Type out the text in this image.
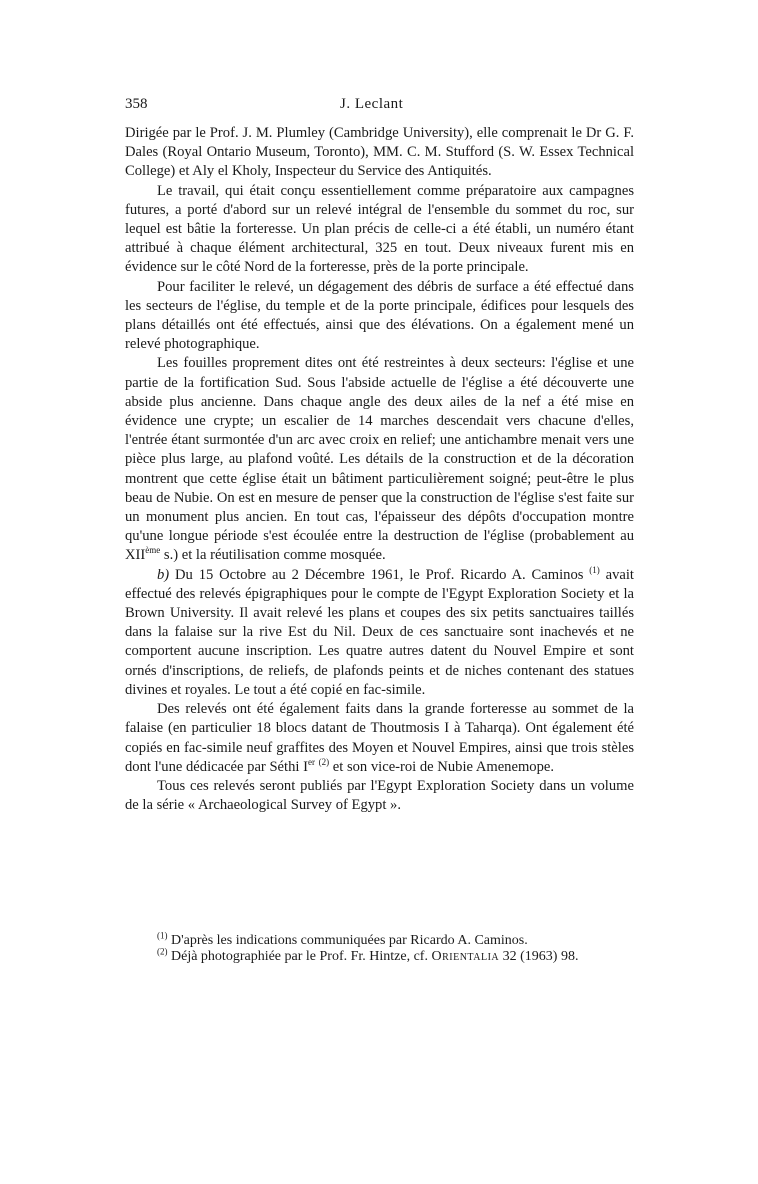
358	J. Leclant

Dirigée par le Prof. J. M. Plumley (Cambridge University), elle comprenait le Dr G. F. Dales (Royal Ontario Museum, Toronto), MM. C. M. Stufford (S. W. Essex Technical College) et Aly el Kholy, Inspecteur du Service des Antiquités.

Le travail, qui était conçu essentiellement comme préparatoire aux campagnes futures, a porté d'abord sur un relevé intégral de l'ensemble du sommet du roc, sur lequel est bâtie la forteresse. Un plan précis de celle-ci a été établi, un numéro étant attribué à chaque élément architectural, 325 en tout. Deux niveaux furent mis en évidence sur le côté Nord de la forteresse, près de la porte principale.

Pour faciliter le relevé, un dégagement des débris de surface a été effectué dans les secteurs de l'église, du temple et de la porte principale, édifices pour lesquels des plans détaillés ont été effectués, ainsi que des élévations. On a également mené un relevé photographique.

Les fouilles proprement dites ont été restreintes à deux secteurs: l'église et une partie de la fortification Sud. Sous l'abside actuelle de l'église a été découverte une abside plus ancienne. Dans chaque angle des deux ailes de la nef a été mise en évidence une crypte; un escalier de 14 marches descendait vers chacune d'elles, l'entrée étant surmontée d'un arc avec croix en relief; une antichambre menait vers une pièce plus large, au plafond voûté. Les détails de la construction et de la décoration montrent que cette église était un bâtiment particulièrement soigné; peut-être le plus beau de Nubie. On est en mesure de penser que la construction de l'église s'est faite sur un monument plus ancien. En tout cas, l'épaisseur des dépôts d'occupation montre qu'une longue période s'est écoulée entre la destruction de l'église (probablement au XIIème s.) et la réutilisation comme mosquée.

b) Du 15 Octobre au 2 Décembre 1961, le Prof. Ricardo A. Caminos $^{(1)}$ avait effectué des relevés épigraphiques pour le compte de l'Egypt Exploration Society et la Brown University. Il avait relevé les plans et coupes des six petits sanctuaires taillés dans la falaise sur la rive Est du Nil. Deux de ces sanctuaire sont inachevés et ne comportent aucune inscription. Les quatre autres datent du Nouvel Empire et sont ornés d'inscriptions, de reliefs, de plafonds peints et de niches contenant des statues divines et royales. Le tout a été copié en fac-simile.

Des relevés ont été également faits dans la grande forteresse au sommet de la falaise (en particulier 18 blocs datant de Thoutmosis I à Taharqa). Ont également été copiés en fac-simile neuf graffites des Moyen et Nouvel Empires, ainsi que trois stèles dont l'une dédicacée par Séthi Ier $^{(2)}$ et son vice-roi de Nubie Amenemope.

Tous ces relevés seront publiés par l'Egypt Exploration Society dans un volume de la série « Archaeological Survey of Egypt ».

$^{(1)}$ D'après les indications communiquées par Ricardo A. Caminos.

$^{(2)}$ Déjà photographiée par le Prof. Fr. Hintze, cf. Orientalia 32 (1963) 98.
